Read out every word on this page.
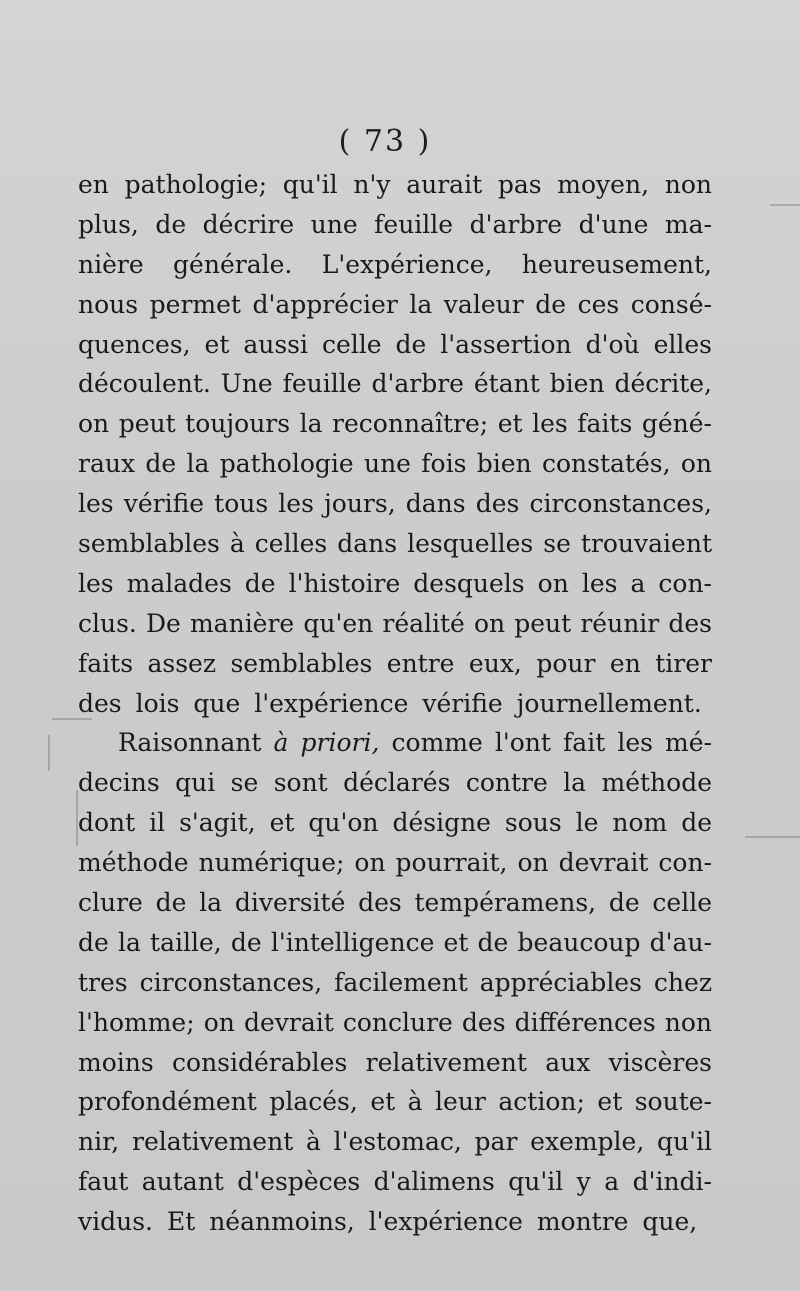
( 73 )
en pathologie; qu'il n'y aurait pas moyen, non
plus, de décrire une feuille d'arbre d'une ma-
nière générale. L'expérience, heureusement,
nous permet d'apprécier la valeur de ces consé-
quences, et aussi celle de l'assertion d'où elles
découlent. Une feuille d'arbre étant bien décrite,
on peut toujours la reconnaître; et les faits géné-
raux de la pathologie une fois bien constatés, on
les vérifie tous les jours, dans des circonstances,
semblables à celles dans lesquelles se trouvaient
les malades de l'histoire desquels on les a con-
clus. De manière qu'en réalité on peut réunir des
faits assez semblables entre eux, pour en tirer
des lois que l'expérience vérifie journellement.
Raisonnant à priori, comme l'ont fait les mé-
decins qui se sont déclarés contre la méthode
dont il s'agit, et qu'on désigne sous le nom de
méthode numérique; on pourrait, on devrait con-
clure de la diversité des tempéramens, de celle
de la taille, de l'intelligence et de beaucoup d'au-
tres circonstances, facilement appréciables chez
l'homme; on devrait conclure des différences non
moins considérables relativement aux viscères
profondément placés, et à leur action; et soute-
nir, relativement à l'estomac, par exemple, qu'il
faut autant d'espèces d'alimens qu'il y a d'indi-
vidus. Et néanmoins, l'expérience montre que,
